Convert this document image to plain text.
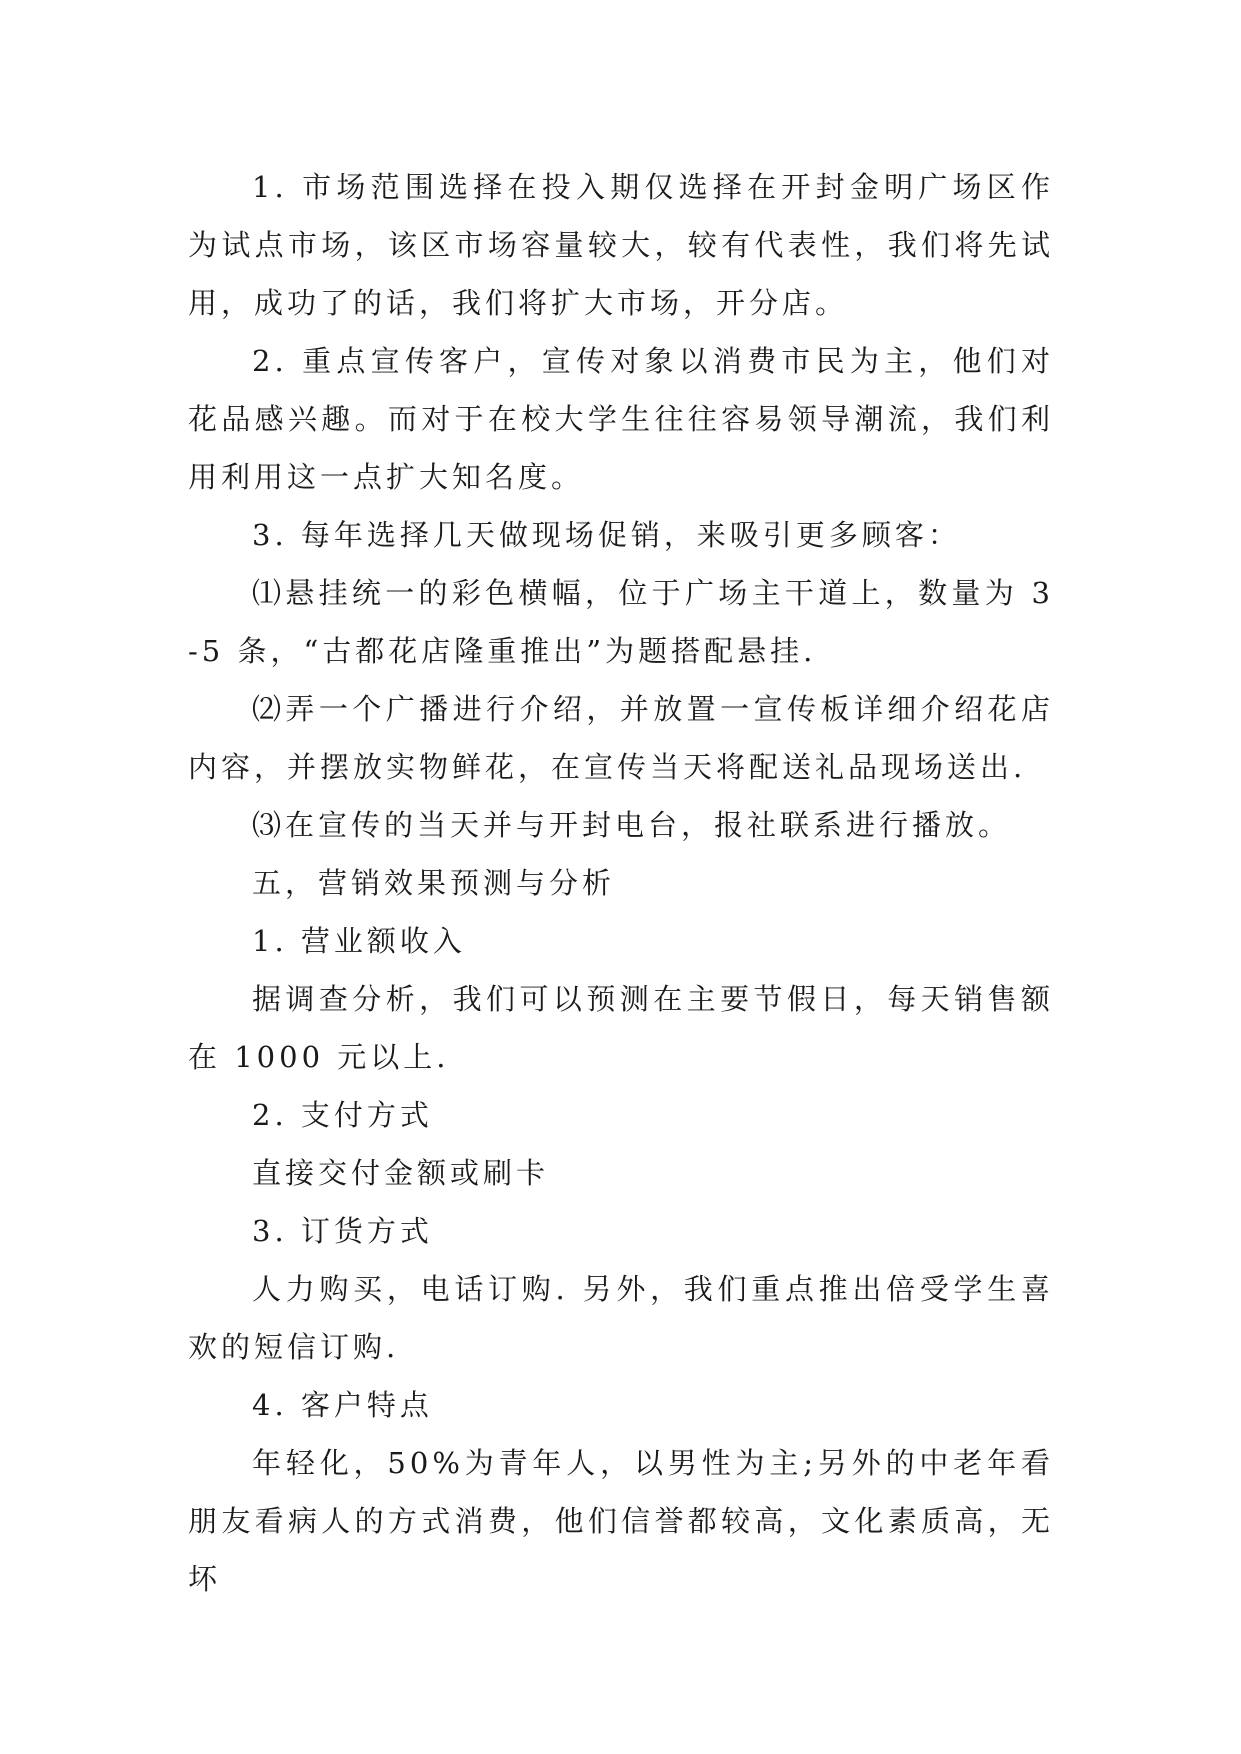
1. 市场范围选择在投入期仅选择在开封金明广场区作为试点市场，该区市场容量较大，较有代表性，我们将先试用，成功了的话，我们将扩大市场，开分店。

2. 重点宣传客户，宣传对象以消费市民为主，他们对花品感兴趣。而对于在校大学生往往容易领导潮流，我们利用利用这一点扩大知名度。

3. 每年选择几天做现场促销，来吸引更多顾客：

⑴悬挂统一的彩色横幅，位于广场主干道上，数量为 3-5 条，“古都花店隆重推出”为题搭配悬挂.

⑵弄一个广播进行介绍，并放置一宣传板详细介绍花店内容，并摆放实物鲜花，在宣传当天将配送礼品现场送出.

⑶在宣传的当天并与开封电台，报社联系进行播放。

五，营销效果预测与分析

1. 营业额收入

据调查分析，我们可以预测在主要节假日，每天销售额在 1000 元以上.

2. 支付方式

直接交付金额或刷卡

3. 订货方式

人力购买，电话订购. 另外，我们重点推出倍受学生喜欢的短信订购.

4. 客户特点

年轻化，50%为青年人，以男性为主;另外的中老年看朋友看病人的方式消费，他们信誉都较高，文化素质高，无坏
